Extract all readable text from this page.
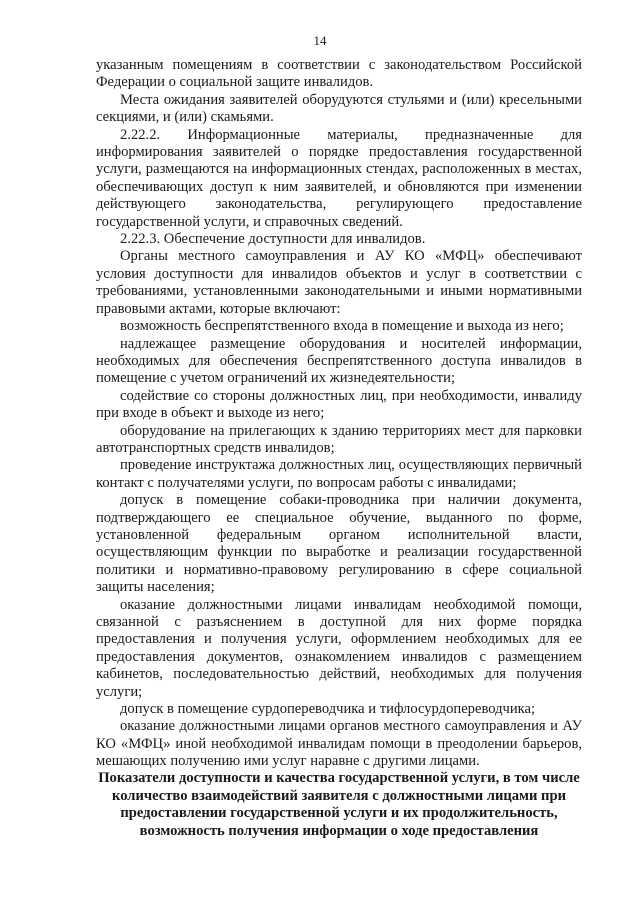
14

указанным помещениям в соответствии с законодательством Российской Федерации о социальной защите инвалидов.

Места ожидания заявителей оборудуются стульями и (или) кресельными секциями, и (или) скамьями.

2.22.2. Информационные материалы, предназначенные для информирования заявителей о порядке предоставления государственной услуги, размещаются на информационных стендах, расположенных в местах, обеспечивающих доступ к ним заявителей, и обновляются при изменении действующего законодательства, регулирующего предоставление государственной услуги, и справочных сведений.

2.22.3. Обеспечение доступности для инвалидов.

Органы местного самоуправления и АУ КО «МФЦ» обеспечивают условия доступности для инвалидов объектов и услуг в соответствии с требованиями, установленными законодательными и иными нормативными правовыми актами, которые включают:

возможность беспрепятственного входа в помещение и выхода из него;

надлежащее размещение оборудования и носителей информации, необходимых для обеспечения беспрепятственного доступа инвалидов в помещение с учетом ограничений их жизнедеятельности;

содействие со стороны должностных лиц, при необходимости, инвалиду при входе в объект и выходе из него;

оборудование на прилегающих к зданию территориях мест для парковки автотранспортных средств инвалидов;

проведение инструктажа должностных лиц, осуществляющих первичный контакт с получателями услуги, по вопросам работы с инвалидами;

допуск в помещение собаки-проводника при наличии документа, подтверждающего ее специальное обучение, выданного по форме, установленной федеральным органом исполнительной власти, осуществляющим функции по выработке и реализации государственной политики и нормативно-правовому регулированию в сфере социальной защиты населения;

оказание должностными лицами инвалидам необходимой помощи, связанной с разъяснением в доступной для них форме порядка предоставления и получения услуги, оформлением необходимых для ее предоставления документов, ознакомлением инвалидов с размещением кабинетов, последовательностью действий, необходимых для получения услуги;

допуск в помещение сурдопереводчика и тифлосурдопереводчика;

оказание должностными лицами органов местного самоуправления и АУ КО «МФЦ» иной необходимой инвалидам помощи в преодолении барьеров, мешающих получению ими услуг наравне с другими лицами.

Показатели доступности и качества государственной услуги, в том числе количество взаимодействий заявителя с должностными лицами при предоставлении государственной услуги и их продолжительность, возможность получения информации о ходе предоставления
